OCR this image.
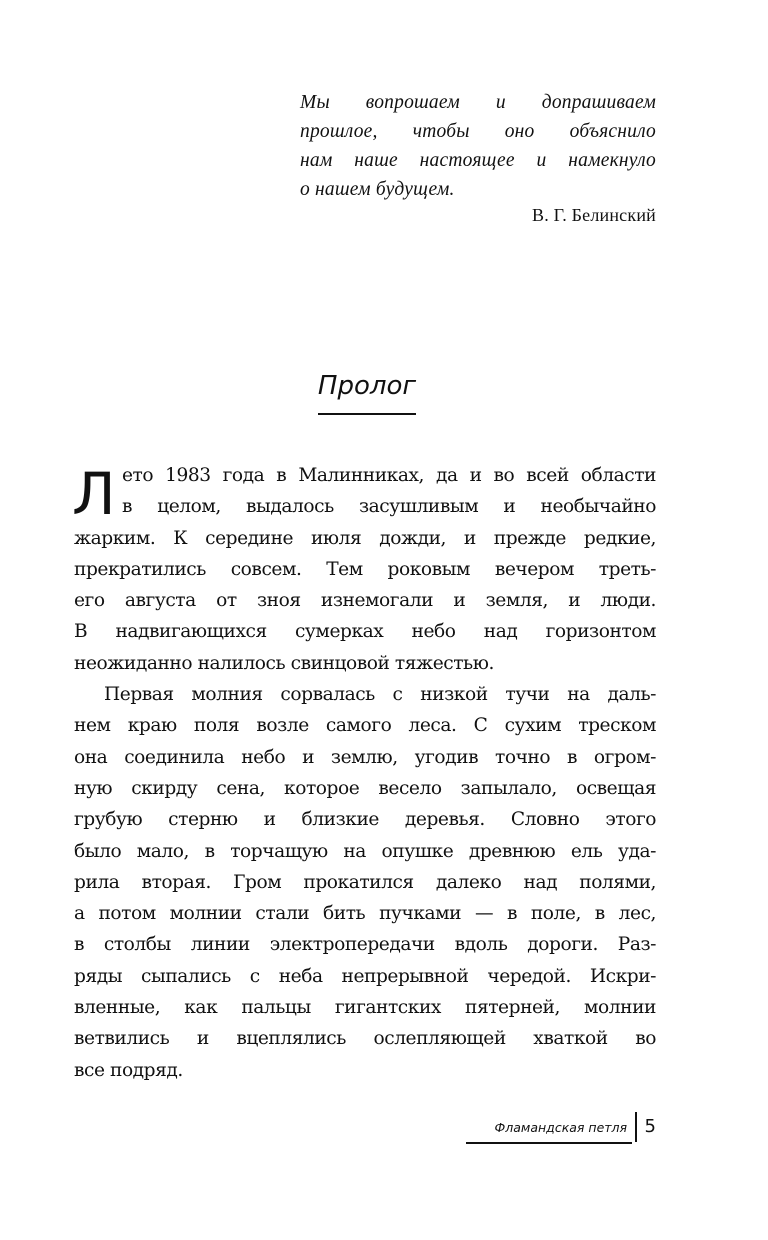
Мы вопрошаем и допрашиваем
прошлое, чтобы оно объяснило
нам наше настоящее и намекнуло
о нашем будущем.
В. Г. Белинский
Пролог
Л ето 1983 года в Малинниках, да и во всей области
в целом, выдалось засушливым и необычайно
жарким. К середине июля дожди, и прежде редкие,
прекратились совсем. Тем роковым вечером треть-
его августа от зноя изнемогали и земля, и люди.
В надвигающихся сумерках небо над горизонтом
неожиданно налилось свинцовой тяжестью.
Первая молния сорвалась с низкой тучи на даль-
нем краю поля возле самого леса. С сухим треском
она соединила небо и землю, угодив точно в огром-
ную скирду сена, которое весело запылало, освещая
грубую стерню и близкие деревья. Словно этого
было мало, в торчащую на опушке древнюю ель уда-
рила вторая. Гром прокатился далеко над полями,
а потом молнии стали бить пучками — в поле, в лес,
в столбы линии электропередачи вдоль дороги. Раз-
ряды сыпались с неба непрерывной чередой. Искри-
вленные, как пальцы гигантских пятерней, молнии
ветвились и вцеплялись ослепляющей хваткой во
все подряд.
Фламандская петля 5
